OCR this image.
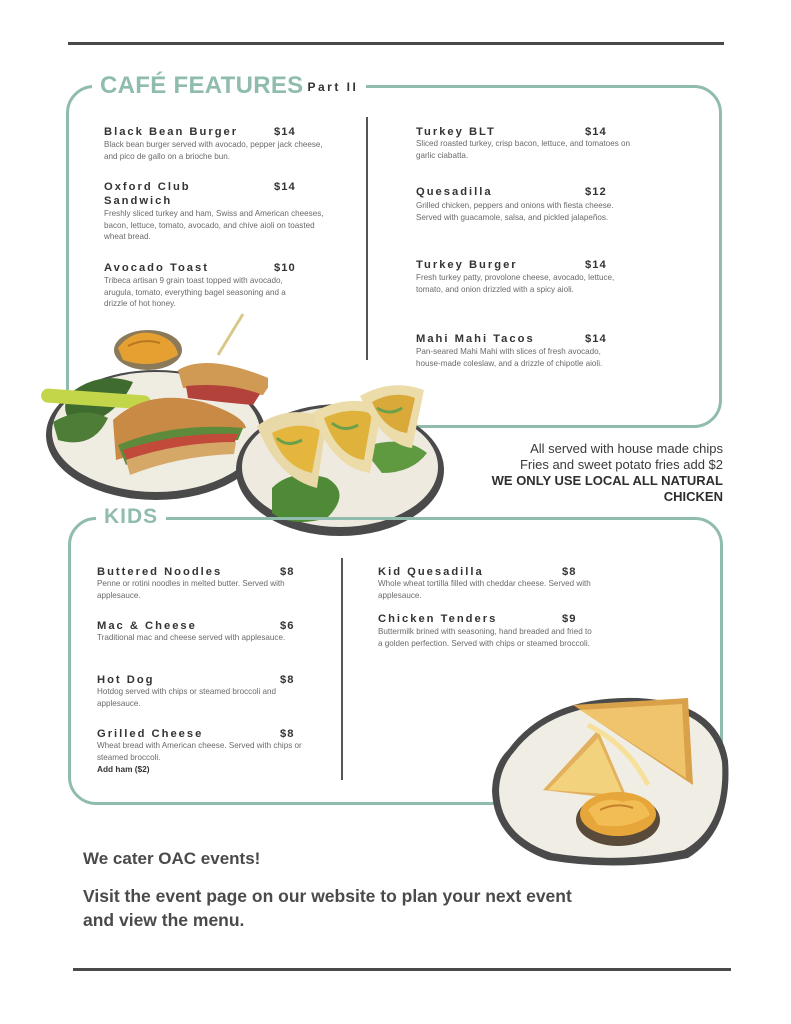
CAFÉ FEATURES Part II
Black Bean Burger	$14
Black bean burger served with avocado, pepper jack cheese, and pico de gallo on a brioche bun.
Oxford Club Sandwich
$14
Freshly sliced turkey and ham, Swiss and American cheeses, bacon, lettuce, tomato, avocado, and chive aioli on toasted wheat bread.
Avocado Toast	$10
Tribeca artisan 9 grain toast topped with avocado, arugula, tomato, everything bagel seasoning and a drizzle of hot honey.
Turkey BLT	$14
Sliced roasted turkey, crisp bacon, lettuce, and tomatoes on garlic ciabatta.
Quesadilla	$12
Grilled chicken, peppers and onions with fiesta cheese. Served with guacamole, salsa, and pickled jalapeños.
Turkey Burger	$14
Fresh turkey patty, provolone cheese, avocado, lettuce, tomato, and onion drizzled with a spicy aioli.
Mahi Mahi Tacos	$14
Pan-seared Mahi Mahi with slices of fresh avocado, house-made coleslaw, and a drizzle of chipotle aioli.
All served with house made chips
Fries and sweet potato fries add $2
WE ONLY USE LOCAL ALL NATURAL
CHICKEN
KIDS
Buttered Noodles	$8
Penne or rotini noodles in melted butter. Served with applesauce.
Mac & Cheese	$6
Traditional mac and cheese served with applesauce.
Hot Dog	$8
Hotdog served with chips or steamed broccoli and applesauce.
Grilled Cheese	$8
Wheat bread with American cheese. Served with chips or steamed broccoli.
Add ham ($2)
Kid Quesadilla	$8
Whole wheat tortilla filled with cheddar cheese. Served with applesauce.
Chicken Tenders	$9
Buttermilk brined with seasoning, hand breaded and fried to a golden perfection. Served with chips or steamed broccoli.
We cater OAC events!
Visit the event page on our website to plan your next event and view the menu.
